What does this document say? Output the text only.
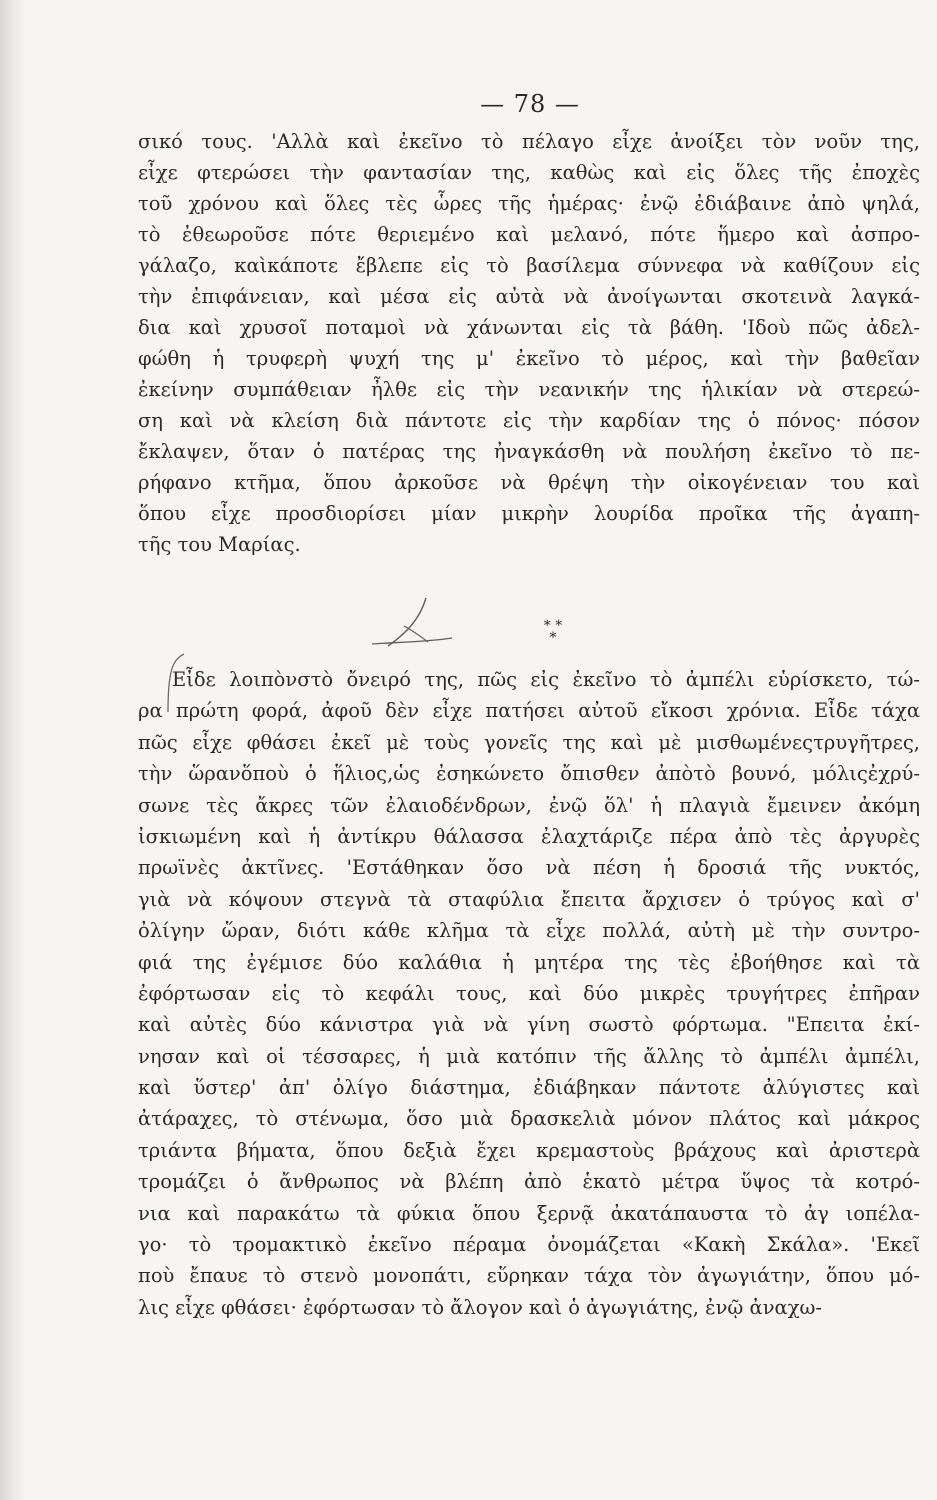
— 78 —
σικό τους. 'Αλλὰ καὶ ἐκεῖνο τὸ πέλαγο εἶχε ἀνοίξει τὸν νοῦν της,
εἶχε φτερώσει τὴν φαντασίαν της, καθὼς καὶ εἰς ὅλες τῆς ἐποχὲς
τοῦ χρόνου καὶ ὅλες τὲς ὧρες τῆς ἡμέρας· ἐνῷ ἐδιάβαινε ἀπὸ ψηλά,
τὸ ἐθεωροῦσε πότε θεριεμένο καὶ μελανό, πότε ἥμερο καὶ ἀσπρο-
γάλαζο, καὶκάποτε ἔβλεπε εἰς τὸ βασίλεμα σύννεφα νὰ καθίζουν εἰς
τὴν ἐπιφάνειαν, καὶ μέσα εἰς αὐτὰ νὰ ἀνοίγωνται σκοτεινὰ λαγκά-
δια καὶ χρυσοῖ ποταμοὶ νὰ χάνωνται εἰς τὰ βάθη. 'Ιδοὺ πῶς ἀδελ-
φώθη ἡ τρυφερὴ ψυχή της μ' ἐκεῖνο τὸ μέρος, καὶ τὴν βαθεῖαν
ἐκείνην συμπάθειαν ἦλθε εἰς τὴν νεανικήν της ἡλικίαν νὰ στερεώ-
ση καὶ νὰ κλείση διὰ πάντοτε εἰς τὴν καρδίαν της ὁ πόνος· πόσον
ἔκλαψεν, ὅταν ὁ πατέρας της ἠναγκάσθη νὰ πουλήση ἐκεῖνο τὸ πε-
ρήφανο κτῆμα, ὅπου ἀρκοῦσε νὰ θρέψη τὴν οἰκογένειαν του καὶ
ὅπου εἶχε προσδιορίσει μίαν μικρὴν λουρίδα προῖκα τῆς ἀγαπη-
τῆς του Μαρίας.
* *
*
Εἶδε λοιπὸνστὸ ὄνειρό της, πῶς εἰς ἐκεῖνο τὸ ἀμπέλι εὑρίσκετο, τώ-
ρα πρώτη φορά, ἀφοῦ δὲν εἶχε πατήσει αὐτοῦ εἴκοσι χρόνια. Εἶδε τάχα
πῶς εἶχε φθάσει ἐκεῖ μὲ τοὺς γονεῖς της καὶ μὲ μισθωμένεςτρυγῆτρες,
τὴν ὥρανὅποὺ ὁ ἥλιος,ὡς ἐσηκώνετο ὄπισθεν ἀπὸτὸ βουνό, μόλιςἐχρύ-
σωνε τὲς ἄκρες τῶν ἐλαιοδένδρων, ἐνῷ ὅλ' ἡ πλαγιὰ ἔμεινεν ἀκόμη
ἰσκιωμένη καὶ ἡ ἀντίκρυ θάλασσα ἐλαχτάριζε πέρα ἀπὸ τὲς ἀργυρὲς
πρωϊνὲς ἀκτῖνες. 'Εστάθηκαν ὅσο νὰ πέση ἡ δροσιά τῆς νυκτός,
γιὰ νὰ κόψουν στεγνὰ τὰ σταφύλια ἔπειτα ἄρχισεν ὁ τρύγος καὶ σ'
ὀλίγην ὥραν, διότι κάθε κλῆμα τὰ εἶχε πολλά, αὐτὴ μὲ τὴν συντρο-
φιά της ἐγέμισε δύο καλάθια ἡ μητέρα της τὲς ἐβοήθησε καὶ τὰ
ἐφόρτωσαν εἰς τὸ κεφάλι τους, καὶ δύο μικρὲς τρυγήτρες ἐπῆραν
καὶ αὐτὲς δύο κάνιστρα γιὰ νὰ γίνη σωστὸ φόρτωμα. "Επειτα ἐκί-
νησαν καὶ οἱ τέσσαρες, ἡ μιὰ κατόπιν τῆς ἄλλης τὸ ἀμπέλι ἀμπέλι,
καὶ ὕστερ' ἀπ' ὀλίγο διάστημα, ἐδιάβηκαν πάντοτε ἀλύγιστες καὶ
ἀτάραχες, τὸ στένωμα, ὅσο μιὰ δρασκελιὰ μόνον πλάτος καὶ μάκρος
τριάντα βήματα, ὅπου δεξιὰ ἔχει κρεμαστοὺς βράχους καὶ ἀριστερὰ
τρομάζει ὁ ἄνθρωπος νὰ βλέπη ἀπὸ ἑκατὸ μέτρα ὕψος τὰ κοτρό-
νια καὶ παρακάτω τὰ φύκια ὅπου ξερνᾷ ἀκατάπαυστα τὸ ἀγ ιοπέλα-
γο· τὸ τρομακτικὸ ἐκεῖνο πέραμα ὀνομάζεται «Κακὴ Σκάλα». 'Εκεῖ
ποὺ ἔπαυε τὸ στενὸ μονοπάτι, εὕρηκαν τάχα τὸν ἀγωγιάτην, ὅπου μό-
λις εἶχε φθάσει· ἐφόρτωσαν τὸ ἄλογον καὶ ὁ ἀγωγιάτης, ἐνῷ ἀναχω-
